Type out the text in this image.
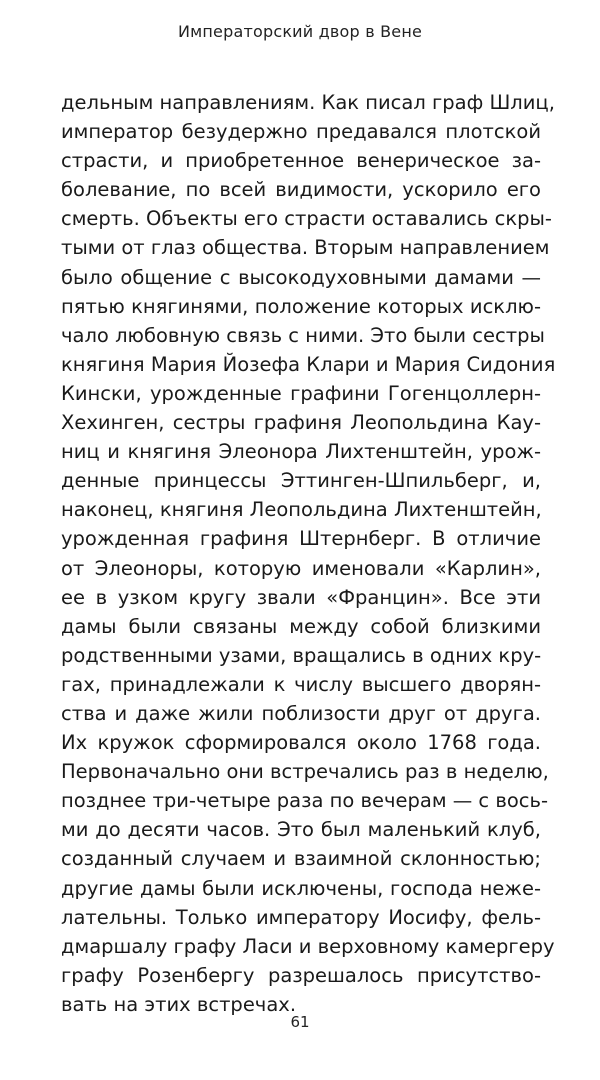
Императорский двор в Вене
дельным направлениям. Как писал граф Шлиц,
император безудержно предавался плотской
страсти, и приобретенное венерическое за-
болевание, по всей видимости, ускорило его
смерть. Объекты его страсти оставались скры-
тыми от глаз общества. Вторым направлением
было общение с высокодуховными дамами —
пятью княгинями, положение которых исклю-
чало любовную связь с ними. Это были сестры
княгиня Мария Йозефа Клари и Мария Сидония
Кински, урожденные графини Гогенцоллерн-
Хехинген, сестры графиня Леопольдина Кау-
ниц и княгиня Элеонора Лихтенштейн, урож-
денные принцессы Эттинген-Шпильберг, и,
наконец, княгиня Леопольдина Лихтенштейн,
урожденная графиня Штернберг. В отличие
от Элеоноры, которую именовали «Карлин»,
ее в узком кругу звали «Францин». Все эти
дамы были связаны между собой близкими
родственными узами, вращались в одних кру-
гах, принадлежали к числу высшего дворян-
ства и даже жили поблизости друг от друга.
Их кружок сформировался около 1768 года.
Первоначально они встречались раз в неделю,
позднее три-четыре раза по вечерам — с вось-
ми до десяти часов. Это был маленький клуб,
созданный случаем и взаимной склонностью;
другие дамы были исключены, господа неже-
лательны. Только императору Иосифу, фель-
дмаршалу графу Ласи и верховному камергеру
графу Розенбергу разрешалось присутство-
вать на этих встречах.
61
